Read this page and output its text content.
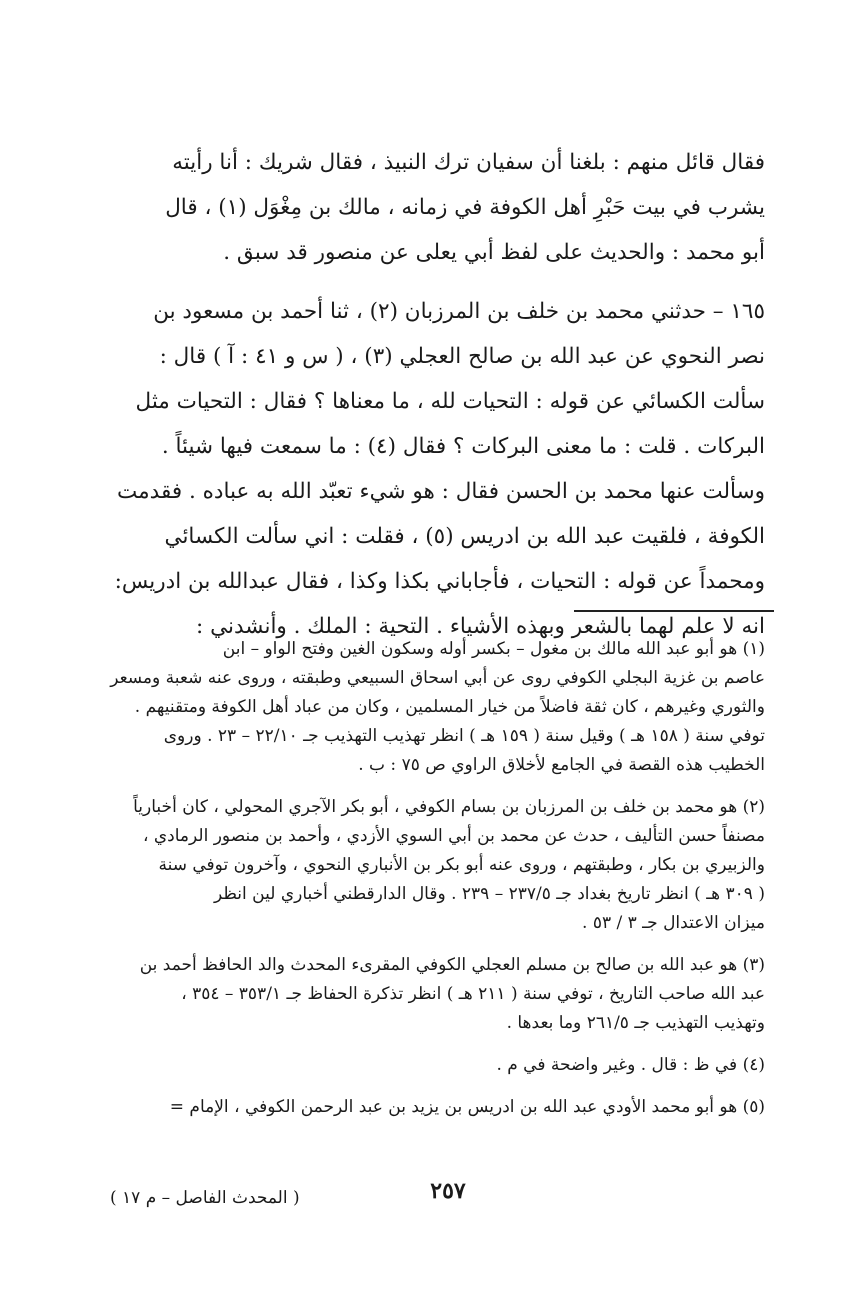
فقال قائل منهم : بلغنا أن سفيان ترك النبيذ ، فقال شريك : أنا رأيته
يشرب في بيت حَبْرِ أهل الكوفة في زمانه ، مالك بن مِغْوَل (١) ، قال
أبو محمد : والحديث على لفظ أبي يعلى عن منصور قد سبق .
١٦٥ – حدثني محمد بن خلف بن المرزبان (٢) ، ثنا أحمد بن مسعود بن
نصر النحوي عن عبد الله بن صالح العجلي (٣) ، ( س و ٤١ : آ ) قال :
سألت الكسائي عن قوله : التحيات لله ، ما معناها ؟ فقال : التحيات مثل
البركات . قلت : ما معنى البركات ؟ فقال (٤) : ما سمعت فيها شيئاً .
وسألت عنها محمد بن الحسن فقال : هو شيء تعبّد الله به عباده . فقدمت
الكوفة ، فلقيت عبد الله بن ادريس (٥) ، فقلت : اني سألت الكسائي
ومحمداً عن قوله : التحيات ، فأجاباني بكذا وكذا ، فقال عبدالله بن ادريس:
انه لا علم لهما بالشعر وبهذه الأشياء . التحية : الملك . وأنشدني :
(١) هو أبو عبد الله مالك بن مغول – بكسر أوله وسكون الغين وفتح الواو – ابن
عاصم بن غزية البجلي الكوفي روى عن أبي اسحاق السبيعي وطبقته ، وروى عنه شعبة ومسعر
والثوري وغيرهم ، كان ثقة فاضلاً من خيار المسلمين ، وكان من عباد أهل الكوفة ومتقنيهم .
توفي سنة ( ١٥٨ هـ ) وقيل سنة ( ١٥٩ هـ ) انظر تهذيب التهذيب جـ ٢٢/١٠ – ٢٣ . وروى
الخطيب هذه القصة في الجامع لأخلاق الراوي ص ٧٥ : ب .
(٢) هو محمد بن خلف بن المرزبان بن بسام الكوفي ، أبو بكر الآجري المحولي ، كان أخبارياً
مصنفاً حسن التأليف ، حدث عن محمد بن أبي السوي الأزدي ، وأحمد بن منصور الرمادي ،
والزبيري بن بكار ، وطبقتهم ، وروى عنه أبو بكر بن الأنباري النحوي ، وآخرون توفي سنة
( ٣٠٩ هـ ) انظر تاريخ بغداد جـ ٢٣٧/٥ – ٢٣٩ . وقال الدارقطني أخباري لين انظر
ميزان الاعتدال جـ ٣ / ٥٣ .
(٣) هو عبد الله بن صالح بن مسلم العجلي الكوفي المقرىء المحدث والد الحافظ أحمد بن
عبد الله صاحب التاريخ ، توفي سنة ( ٢١١ هـ ) انظر تذكرة الحفاظ جـ ٣٥٣/١ – ٣٥٤ ،
وتهذيب التهذيب جـ ٢٦١/٥ وما بعدها .
(٤) في ظ : قال . وغير واضحة في م .
(٥) هو أبو محمد الأودي عبد الله بن ادريس بن يزيد بن عبد الرحمن الكوفي ، الإمام =
٢٥٧
( المحدث الفاصل – م ١٧ )
